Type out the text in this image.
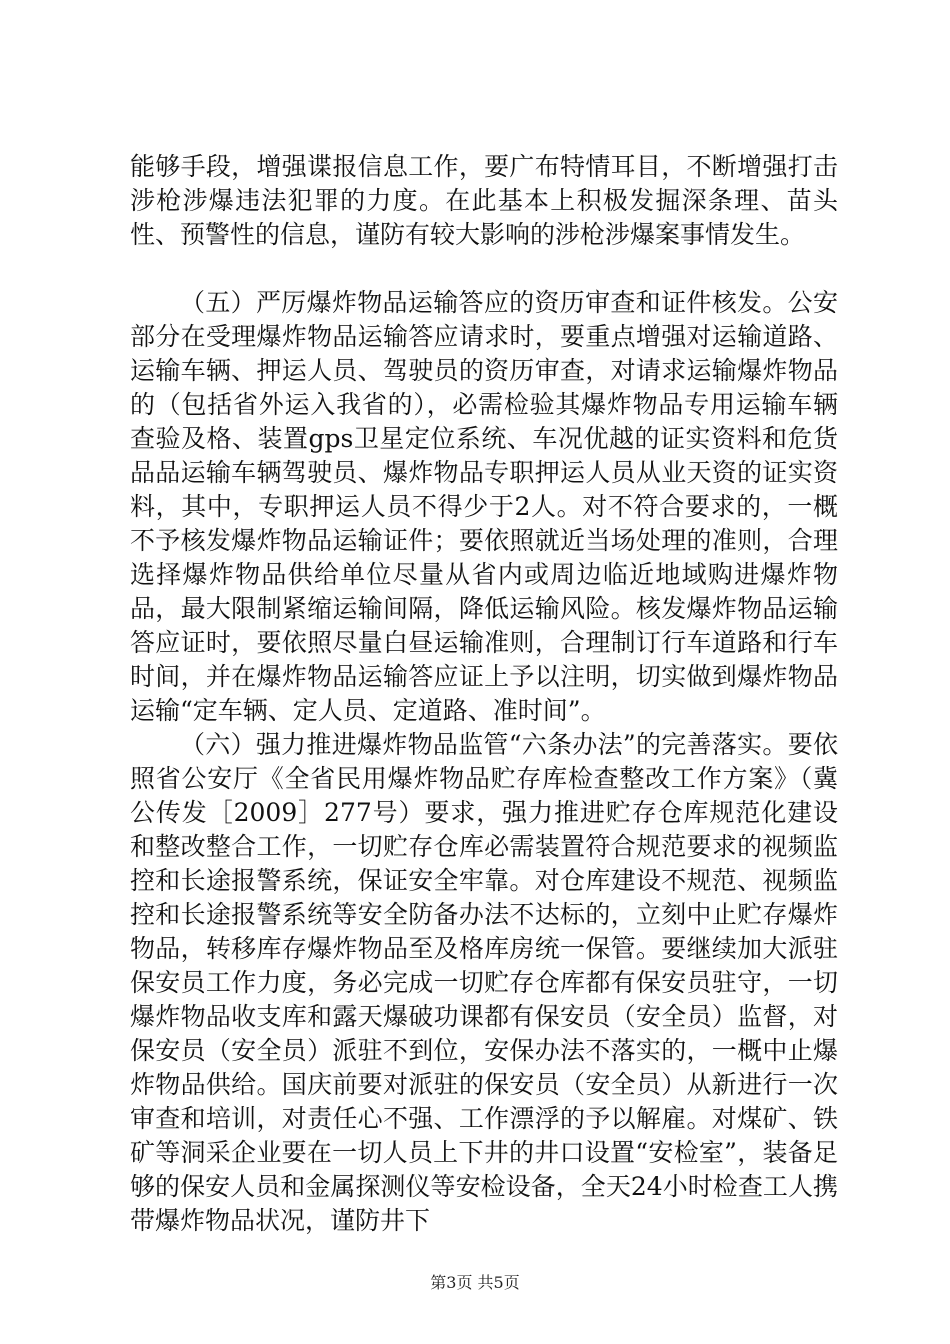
能够手段，增强谍报信息工作，要广布特情耳目，不断增强打击涉枪涉爆违法犯罪的力度。在此基本上积极发掘深条理、苗头性、预警性的信息，谨防有较大影响的涉枪涉爆案事情发生。

（五）严厉爆炸物品运输答应的资历审查和证件核发。公安部分在受理爆炸物品运输答应请求时，要重点增强对运输道路、运输车辆、押运人员、驾驶员的资历审查，对请求运输爆炸物品的（包括省外运入我省的），必需检验其爆炸物品专用运输车辆查验及格、装置gps卫星定位系统、车况优越的证实资料和危货品品运输车辆驾驶员、爆炸物品专职押运人员从业天资的证实资料，其中，专职押运人员不得少于2人。对不符合要求的，一概不予核发爆炸物品运输证件；要依照就近当场处理的准则，合理选择爆炸物品供给单位尽量从省内或周边临近地域购进爆炸物品，最大限制紧缩运输间隔，降低运输风险。核发爆炸物品运输答应证时，要依照尽量白昼运输准则，合理制订行车道路和行车时间，并在爆炸物品运输答应证上予以注明，切实做到爆炸物品运输“定车辆、定人员、定道路、准时间”。

（六）强力推进爆炸物品监管“六条办法”的完善落实。要依照省公安厅《全省民用爆炸物品贮存库检查整改工作方案》（冀公传发［2009］277号）要求，强力推进贮存仓库规范化建设和整改整合工作，一切贮存仓库必需装置符合规范要求的视频监控和长途报警系统，保证安全牢靠。对仓库建设不规范、视频监控和长途报警系统等安全防备办法不达标的，立刻中止贮存爆炸物品，转移库存爆炸物品至及格库房统一保管。要继续加大派驻保安员工作力度，务必完成一切贮存仓库都有保安员驻守，一切爆炸物品收支库和露天爆破功课都有保安员（安全员）监督，对保安员（安全员）派驻不到位，安保办法不落实的，一概中止爆炸物品供给。国庆前要对派驻的保安员（安全员）从新进行一次审查和培训，对责任心不强、工作漂浮的予以解雇。对煤矿、铁矿等洞采企业要在一切人员上下井的井口设置“安检室”，装备足够的保安人员和金属探测仪等安检设备，全天24小时检查工人携带爆炸物品状况，谨防井下

第3页 共5页
